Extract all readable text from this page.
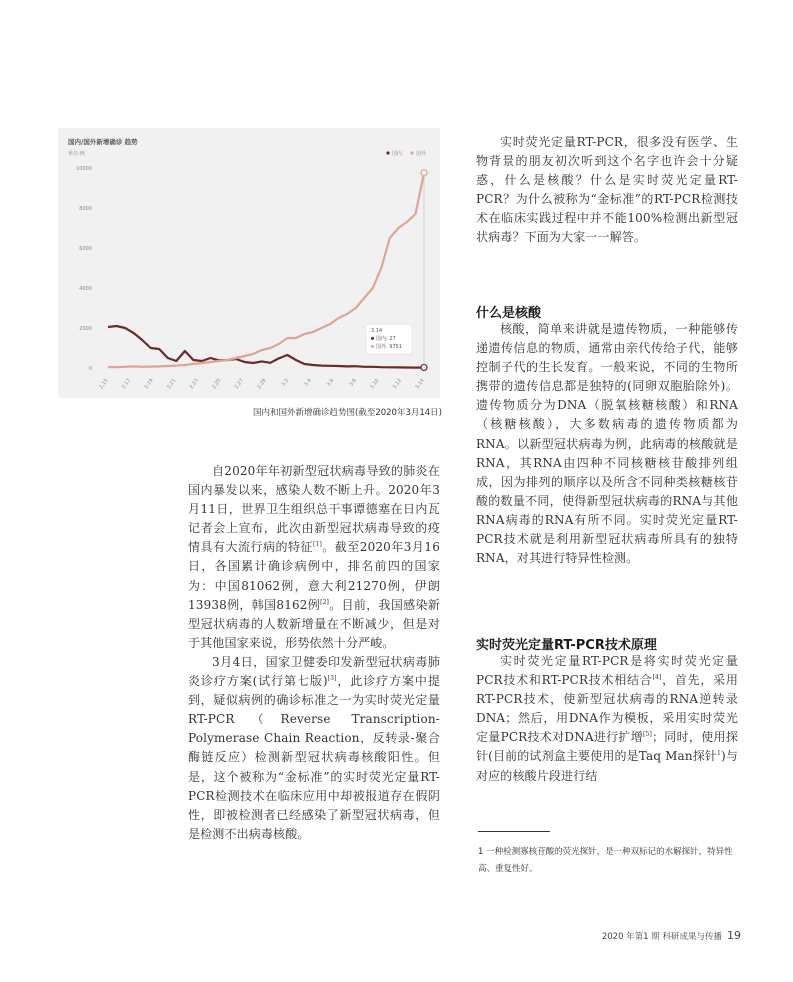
国内/国外新增确诊 趋势
单位:例	国内	国外
0
2000
4000
6000
8000
10000
2.15 2.17 2.19 2.21 2.23 2.25 2.27 2.29	3.2	3.4	3.6	3.8 3.10 3.12 3.14
3.14
国内: 27
国外: 9751
国内和国外新增确诊趋势图(截至2020年3月14日)

自2020年年初新型冠状病毒导致的肺炎在国内暴发以来，感染人数不断上升。2020年3月11日，世界卫生组织总干事谭德塞在日内瓦记者会上宣布，此次由新型冠状病毒导致的疫情具有大流行病的特征[1]。截至2020年3月16日，各国累计确诊病例中，排名前四的国家为：中国81062例，意大利21270例，伊朗13938例，韩国8162例[2]。目前，我国感染新型冠状病毒的人数新增量在不断减少，但是对于其他国家来说，形势依然十分严峻。

3月4日，国家卫健委印发新型冠状病毒肺炎诊疗方案(试行第七版)[3]，此诊疗方案中提到，疑似病例的确诊标准之一为实时荧光定量RT-PCR（Reverse Transcription-Polymerase Chain Reaction，反转录-聚合酶链反应）检测新型冠状病毒核酸阳性。但是，这个被称为“金标准”的实时荧光定量RT-PCR检测技术在临床应用中却被报道存在假阴性，即被检测者已经感染了新型冠状病毒，但是检测不出病毒核酸。

实时荧光定量RT-PCR，很多没有医学、生物背景的朋友初次听到这个名字也许会十分疑惑，什么是核酸？什么是实时荧光定量RT-PCR？为什么被称为“金标准”的RT-PCR检测技术在临床实践过程中并不能100%检测出新型冠状病毒？下面为大家一一解答。

什么是核酸

核酸，简单来讲就是遗传物质，一种能够传递遗传信息的物质，通常由亲代传给子代，能够控制子代的生长发育。一般来说，不同的生物所携带的遗传信息都是独特的(同卵双胞胎除外)。遗传物质分为DNA（脱氧核糖核酸）和RNA（核糖核酸），大多数病毒的遗传物质都为RNA。以新型冠状病毒为例，此病毒的核酸就是RNA，其RNA由四种不同核糖核苷酸排列组成，因为排列的顺序以及所含不同种类核糖核苷酸的数量不同，使得新型冠状病毒的RNA与其他RNA病毒的RNA有所不同。实时荧光定量RT-PCR技术就是利用新型冠状病毒所具有的独特RNA，对其进行特异性检测。

实时荧光定量RT-PCR技术原理

实时荧光定量RT-PCR是将实时荧光定量PCR技术和RT-PCR技术相结合[4]，首先，采用RT-PCR技术，使新型冠状病毒的RNA逆转录DNA；然后，用DNA作为模板，采用实时荧光定量PCR技术对DNA进行扩增[5]；同时，使用探针(目前的试剂盒主要使用的是Taq Man探针$^1$)与对应的核酸片段进行结

1 一种检测寡核苷酸的荧光探针，是一种双标记的水解探针，特异性高、重复性好。
2020 年第1 期 科研成果与传播 19
